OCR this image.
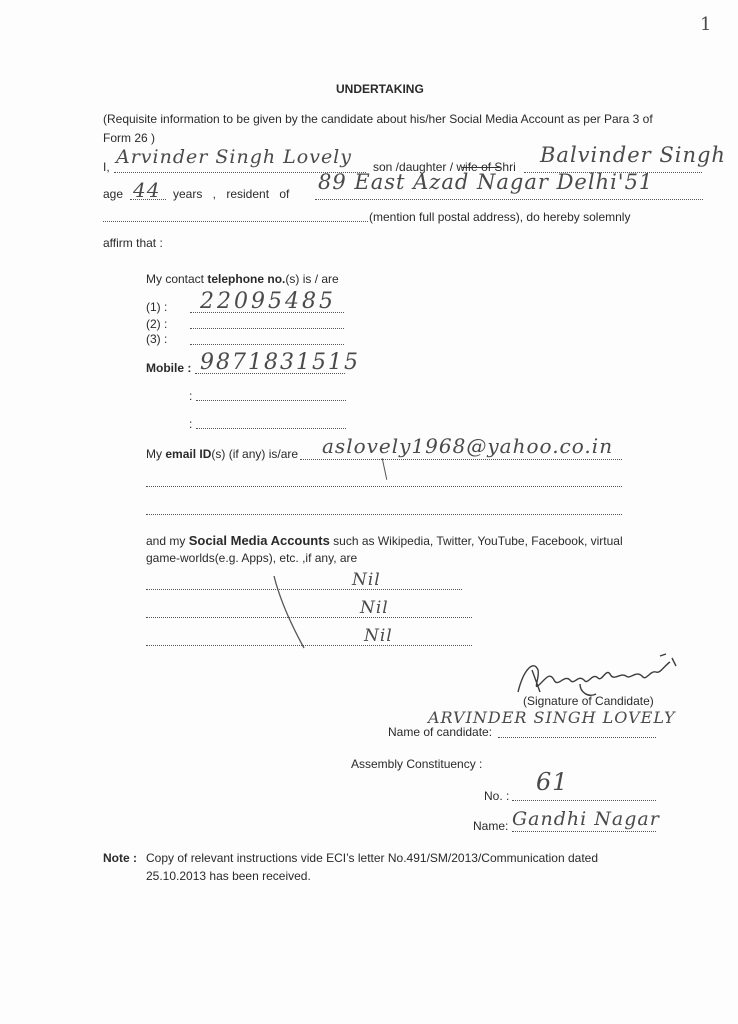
1
UNDERTAKING
(Requisite information to be given by the candidate about his/her Social Media Account as per Para 3 of Form 26 )
I, Arvinder Singh Lovely son /daughter / wife of Shri Balvinder Singh
age 44 years , resident of 89 East Azad Nagar Delhi'51
(mention full postal address), do hereby solemnly
affirm that :
My contact telephone no.(s) is / are
(1) : 22095485
(2) :
(3) :
Mobile : 9871831515
:
:
My email ID(s) (if any) is/are aslovely1968@yahoo.co.in
and my Social Media Accounts such as Wikipedia, Twitter, YouTube, Facebook, virtual
game-worlds(e.g. Apps), etc. ,if any, are
Nil
Nil
Nil
(Signature of Candidate)
Name of candidate:
ARVINDER SINGH LOVELY
Assembly Constituency :
No. : 61
Name: Gandhi Nagar
Note : Copy of relevant instructions vide ECI’s letter No.491/SM/2013/Communication dated
25.10.2013 has been received.
